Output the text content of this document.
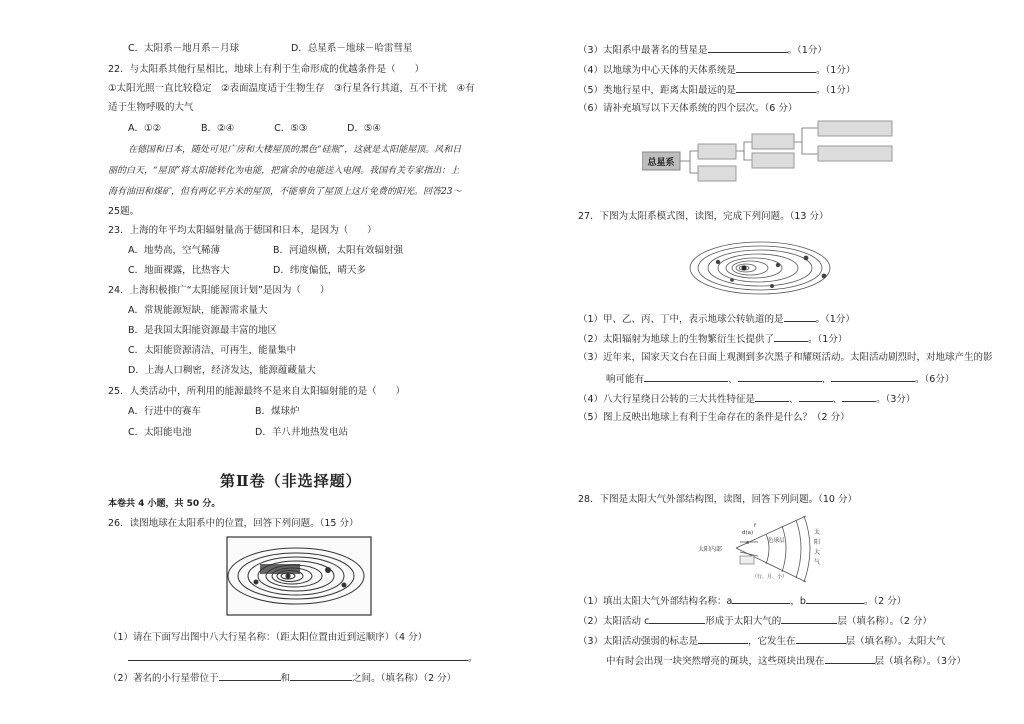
C．太阳系－地月系－月球	D．总星系－地球－哈雷彗星
22．与太阳系其他行星相比，地球上有利于生命形成的优越条件是（　　）
①太阳光照一直比较稳定　②表面温度适于生物生存　③行星各行其道，互不干扰　④有
适于生物呼吸的大气
A．①②	B．②④	C．⑤③	D．⑤④
在德国和日本，随处可见广房和大楼屋顶的黑色“硅瓶”，这就是太阳能屋顶。风和日
丽的白天，“屋顶”将太阳能转化为电能，把富余的电能送入电网。我国有关专家指出：上
海有油田和煤矿，但有两亿平方米的屋顶，不能辜负了屋顶上这片免费的阳光。回答23～
25题。
23．上海的年平均太阳辐射量高于德国和日本，是因为（　　）
A．地势高，空气稀薄	B．河道纵横，太阳有效辐射强
C．地面裸露，比热容大	D．纬度偏低，晴天多
24．上海积极推广“太阳能屋顶计划”是因为（　　）
A．常规能源短缺，能源需求量大
B．是我国太阳能资源最丰富的地区
C．太阳能资源清洁，可再生，能量集中
D．上海人口稠密，经济发达，能源蕴藏量大
25．人类活动中，所利用的能源最终不是来自太阳辐射能的是（　　）
A．行进中的赛车	B．煤球炉
C．太阳能电池	D．羊八井地热发电站
第Ⅱ卷（非选择题）
本卷共 4 小题，共 50 分。
26．读图地球在太阳系中的位置，回答下列问题。（15 分）
（1）请在下面写出图中八大行星名称：（距太阳位置由近到远顺序）（4 分）
。
（2）著名的小行星带位于	和	之间。（填名称）（2 分）
（3）太阳系中最著名的彗星是	。（1分）
（4）以地球为中心天体的天体系统是	。（1分）
（5）类地行星中，距离太阳最远的是	。（1分）
（6）请补充填写以下天体系统的四个层次。（6 分）
总星系
27．下图为太阳系模式图，读图，完成下列问题。（13 分）
（1）甲、乙、丙、丁中，表示地球公转轨道的是	。（1分）
（2）太阳辐射为地球上的生物繁衍生长提供了	。（1分）
（3）近年来，国家天文台在日面上观测到多次黑子和耀斑活动。太阳活动剧烈时，对地球产生的影
响可能有	、	、	。（6分）
（4）八大行星绕日公转的三大共性特征是	、	、	。（3分）
（5）图上反映出地球上有利于生命存在的条件是什么？（2 分）
28．下图是太阳大气外部结构图，读图，回答下列问题。（10 分）
太阳内部
d(a)
e
f
色球层
（行、月、小）
太
阳
大
气
（1）填出太阳大气外部结构名称：a	，b	。（2 分）
（2）太阳活动 c	形成于太阳大气的	层（填名称）。（2 分）
（3）太阳活动强弱的标志是	，它发生在	层（填名称）。太阳大气
中有时会出现一块突然增亮的斑块，这些斑块出现在	层（填名称）。（3分）
